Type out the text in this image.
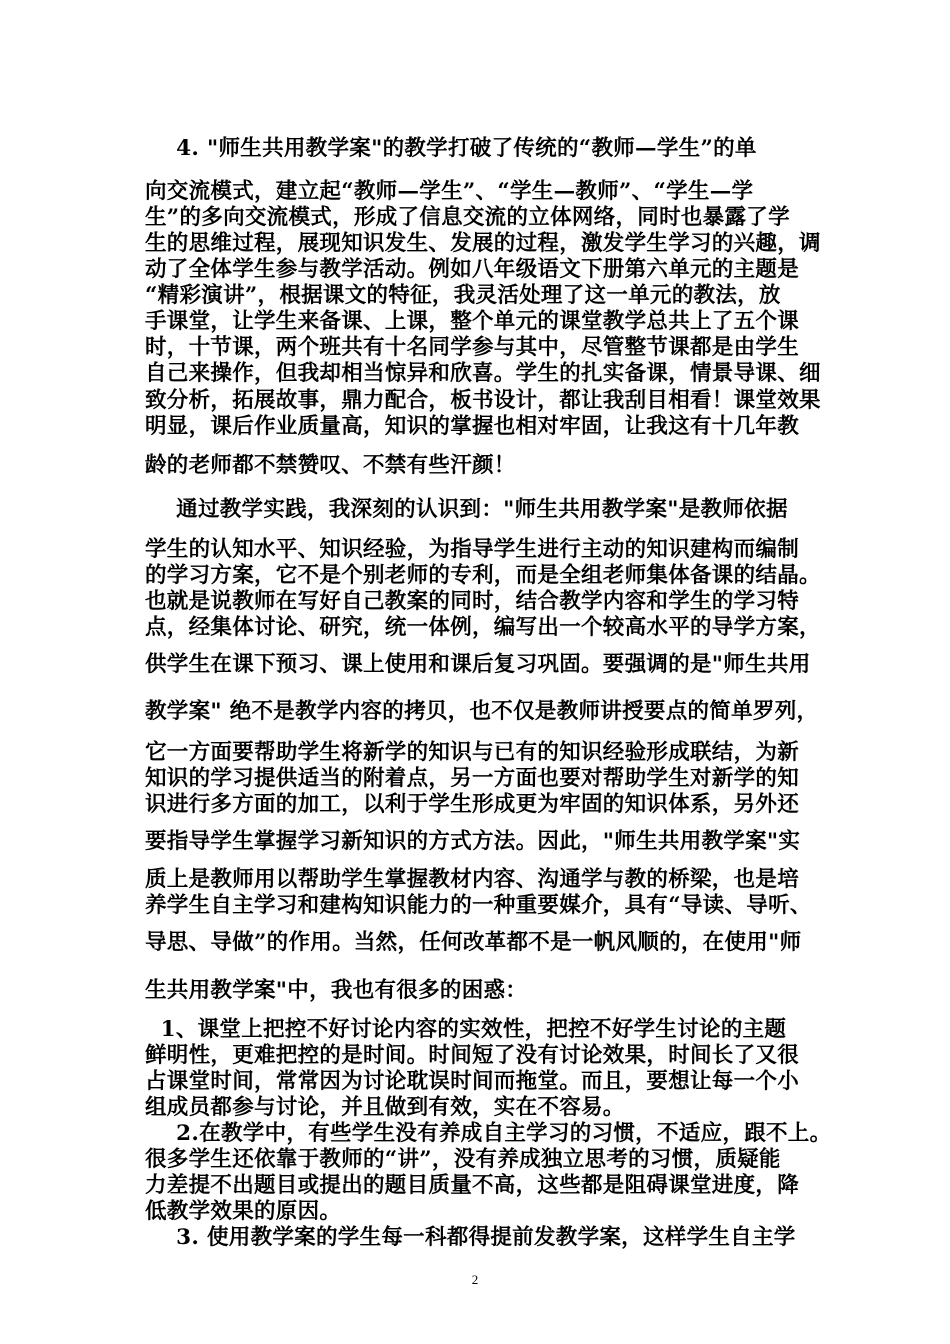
4. "师生共用教学案"的教学打破了传统的“教师—学生”的单
向交流模式，建立起“教师—学生”、“学生—教师”、“学生—学
生”的多向交流模式，形成了信息交流的立体网络，同时也暴露了学
生的思维过程，展现知识发生、发展的过程，激发学生学习的兴趣，调
动了全体学生参与教学活动。例如八年级语文下册第六单元的主题是
“精彩演讲”，根据课文的特征，我灵活处理了这一单元的教法，放
手课堂，让学生来备课、上课，整个单元的课堂教学总共上了五个课
时，十节课，两个班共有十名同学参与其中，尽管整节课都是由学生
自己来操作，但我却相当惊异和欣喜。学生的扎实备课，情景导课、细
致分析，拓展故事，鼎力配合，板书设计，都让我刮目相看！课堂效果
明显，课后作业质量高，知识的掌握也相对牢固，让我这有十几年教
龄的老师都不禁赞叹、不禁有些汗颜！
通过教学实践，我深刻的认识到："师生共用教学案"是教师依据
学生的认知水平、知识经验，为指导学生进行主动的知识建构而编制
的学习方案，它不是个别老师的专利，而是全组老师集体备课的结晶。
也就是说教师在写好自己教案的同时，结合教学内容和学生的学习特
点，经集体讨论、研究，统一体例，编写出一个较高水平的导学方案，
供学生在课下预习、课上使用和课后复习巩固。要强调的是"师生共用
教学案" 绝不是教学内容的拷贝，也不仅是教师讲授要点的简单罗列，
它一方面要帮助学生将新学的知识与已有的知识经验形成联结，为新
知识的学习提供适当的附着点，另一方面也要对帮助学生对新学的知
识进行多方面的加工，以利于学生形成更为牢固的知识体系，另外还
要指导学生掌握学习新知识的方式方法。因此，"师生共用教学案"实
质上是教师用以帮助学生掌握教材内容、沟通学与教的桥梁，也是培
养学生自主学习和建构知识能力的一种重要媒介，具有“导读、导听、
导思、导做”的作用。当然，任何改革都不是一帆风顺的，在使用"师
生共用教学案"中，我也有很多的困惑：
1、课堂上把控不好讨论内容的实效性，把控不好学生讨论的主题
鲜明性，更难把控的是时间。时间短了没有讨论效果，时间长了又很
占课堂时间，常常因为讨论耽误时间而拖堂。而且，要想让每一个小
组成员都参与讨论，并且做到有效，实在不容易。
2.在教学中，有些学生没有养成自主学习的习惯，不适应，跟不上。
很多学生还依靠于教师的“讲”，没有养成独立思考的习惯，质疑能
力差提不出题目或提出的题目质量不高，这些都是阻碍课堂进度，降
低教学效果的原因。
3. 使用教学案的学生每一科都得提前发教学案，这样学生自主学
2
